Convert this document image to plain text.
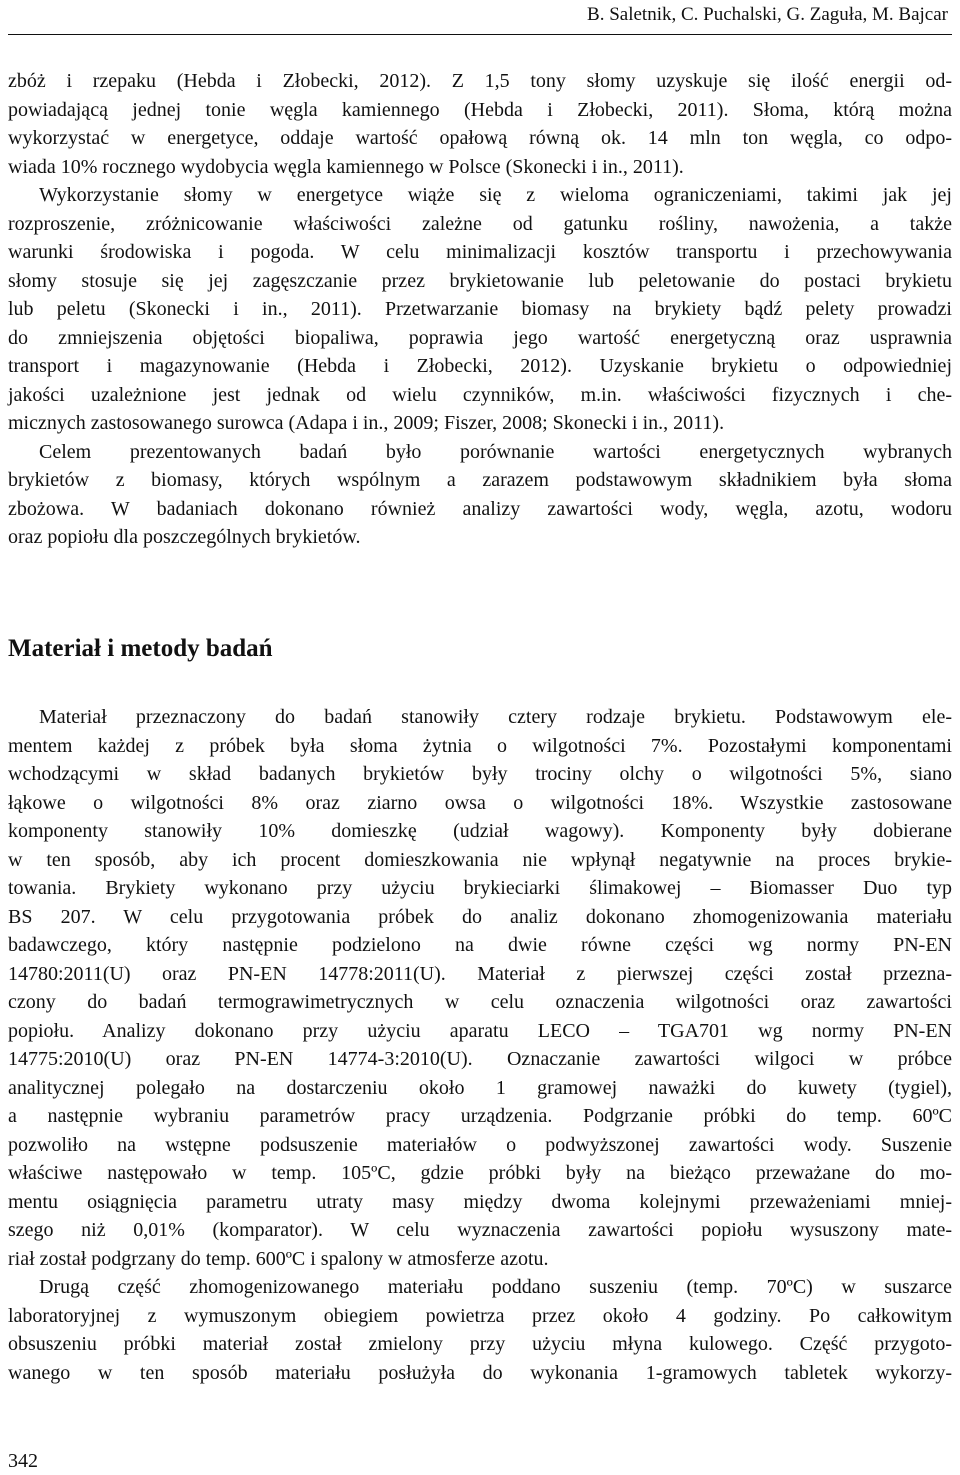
B. Saletnik, C. Puchalski, G. Zaguła, M. Bajcar
zbóż i rzepaku (Hebda i Złobecki, 2012). Z 1,5 tony słomy uzyskuje się ilość energii od-
powiadającą jednej tonie węgla kamiennego (Hebda i Złobecki, 2011). Słoma, którą można
wykorzystać w energetyce, oddaje wartość opałową równą ok. 14 mln ton węgla, co odpo-
wiada 10% rocznego wydobycia węgla kamiennego w Polsce (Skonecki i in., 2011).
Wykorzystanie słomy w energetyce wiąże się z wieloma ograniczeniami, takimi jak jej
rozproszenie, zróżnicowanie właściwości zależne od gatunku rośliny, nawożenia, a także
warunki środowiska i pogoda. W celu minimalizacji kosztów transportu i przechowywania
słomy stosuje się jej zagęszczanie przez brykietowanie lub peletowanie do postaci brykietu
lub peletu (Skonecki i in., 2011). Przetwarzanie biomasy na brykiety bądź pelety prowadzi
do zmniejszenia objętości biopaliwa, poprawia jego wartość energetyczną oraz usprawnia
transport i magazynowanie (Hebda i Złobecki, 2012). Uzyskanie brykietu o odpowiedniej
jakości uzależnione jest jednak od wielu czynników, m.in. właściwości fizycznych i che-
micznych zastosowanego surowca (Adapa i in., 2009; Fiszer, 2008; Skonecki i in., 2011).
Celem prezentowanych badań było porównanie wartości energetycznych wybranych
brykietów z biomasy, których wspólnym a zarazem podstawowym składnikiem była słoma
zbożowa. W badaniach dokonano również analizy zawartości wody, węgla, azotu, wodoru
oraz popiołu dla poszczególnych brykietów.
Materiał i metody badań
Materiał przeznaczony do badań stanowiły cztery rodzaje brykietu. Podstawowym ele-
mentem każdej z próbek była słoma żytnia o wilgotności 7%. Pozostałymi komponentami
wchodzącymi w skład badanych brykietów były trociny olchy o wilgotności 5%, siano
łąkowe o wilgotności 8% oraz ziarno owsa o wilgotności 18%. Wszystkie zastosowane
komponenty stanowiły 10% domieszkę (udział wagowy). Komponenty były dobierane
w ten sposób, aby ich procent domieszkowania nie wpłynął negatywnie na proces brykie-
towania. Brykiety wykonano przy użyciu brykieciarki ślimakowej – Biomasser Duo typ
BS 207. W celu przygotowania próbek do analiz dokonano zhomogenizowania materiału
badawczego, który następnie podzielono na dwie równe części wg normy PN-EN
14780:2011(U) oraz PN-EN 14778:2011(U). Materiał z pierwszej części został przezna-
czony do badań termograwimetrycznych w celu oznaczenia wilgotności oraz zawartości
popiołu. Analizy dokonano przy użyciu aparatu LECO – TGA701 wg normy PN-EN
14775:2010(U) oraz PN-EN 14774-3:2010(U). Oznaczanie zawartości wilgoci w próbce
analitycznej polegało na dostarczeniu około 1 gramowej naważki do kuwety (tygiel),
a następnie wybraniu parametrów pracy urządzenia. Podgrzanie próbki do temp. 60ºC
pozwoliło na wstępne podsuszenie materiałów o podwyższonej zawartości wody. Suszenie
właściwe następowało w temp. 105ºC, gdzie próbki były na bieżąco przeważane do mo-
mentu osiągnięcia parametru utraty masy między dwoma kolejnymi przeważeniami mniej-
szego niż 0,01% (komparator). W celu wyznaczenia zawartości popiołu wysuszony mate-
riał został podgrzany do temp. 600ºC i spalony w atmosferze azotu.
Drugą część zhomogenizowanego materiału poddano suszeniu (temp. 70ºC) w suszarce
laboratoryjnej z wymuszonym obiegiem powietrza przez około 4 godziny. Po całkowitym
obsuszeniu próbki materiał został zmielony przy użyciu młyna kulowego. Część przygoto-
wanego w ten sposób materiału posłużyła do wykonania 1-gramowych tabletek wykorzy-
342
